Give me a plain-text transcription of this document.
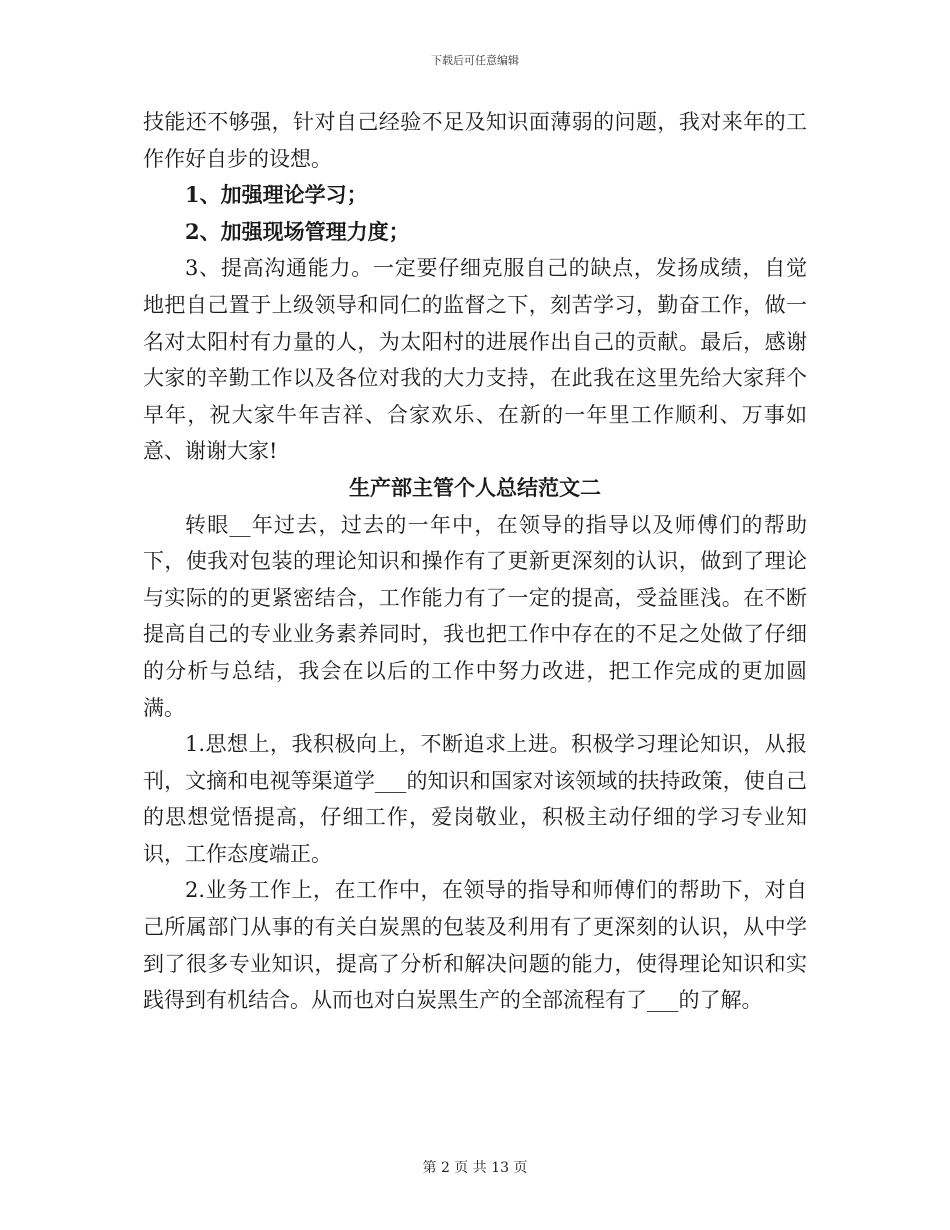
下载后可任意编辑

技能还不够强，针对自己经验不足及知识面薄弱的问题，我对来年的工作作好自步的设想。

1、加强理论学习；

2、加强现场管理力度；

3、提高沟通能力。一定要仔细克服自己的缺点，发扬成绩，自觉地把自己置于上级领导和同仁的监督之下，刻苦学习，勤奋工作，做一名对太阳村有力量的人，为太阳村的进展作出自己的贡献。最后，感谢大家的辛勤工作以及各位对我的大力支持，在此我在这里先给大家拜个早年，祝大家牛年吉祥、合家欢乐、在新的一年里工作顺利、万事如意、谢谢大家!

生产部主管个人总结范文二

转眼__年过去，过去的一年中，在领导的指导以及师傅们的帮助下，使我对包装的理论知识和操作有了更新更深刻的认识，做到了理论与实际的的更紧密结合，工作能力有了一定的提高，受益匪浅。在不断提高自己的专业业务素养同时，我也把工作中存在的不足之处做了仔细的分析与总结，我会在以后的工作中努力改进，把工作完成的更加圆满。

1.思想上，我积极向上，不断追求上进。积极学习理论知识，从报刊，文摘和电视等渠道学___的知识和国家对该领域的扶持政策，使自己的思想觉悟提高，仔细工作，爱岗敬业，积极主动仔细的学习专业知识，工作态度端正。

2.业务工作上，在工作中，在领导的指导和师傅们的帮助下，对自己所属部门从事的有关白炭黑的包装及利用有了更深刻的认识，从中学到了很多专业知识，提高了分析和解决问题的能力，使得理论知识和实践得到有机结合。从而也对白炭黑生产的全部流程有了___的了解。

第 2 页 共 13 页
